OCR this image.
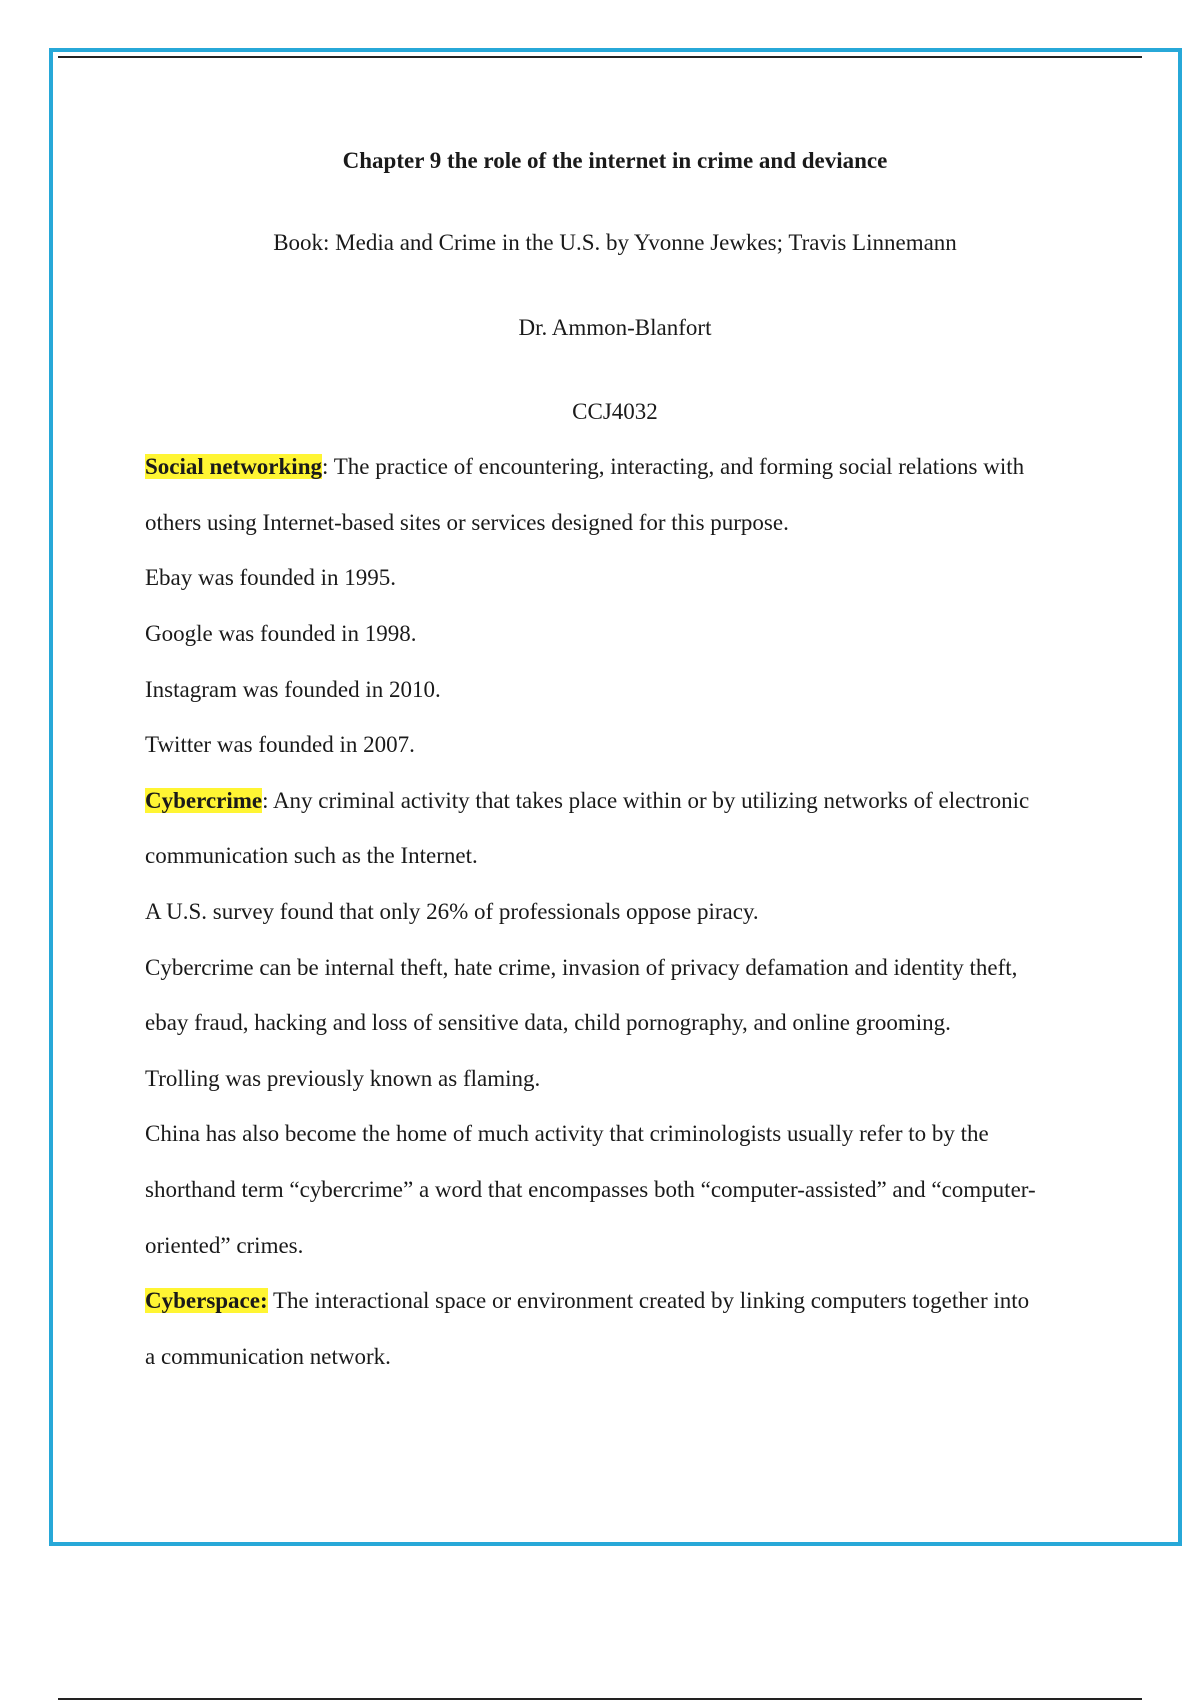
Chapter 9 the role of the internet in crime and deviance
Book: Media and Crime in the U.S. by Yvonne Jewkes; Travis Linnemann
Dr. Ammon-Blanfort
CCJ4032
Social networking: The practice of encountering, interacting, and forming social relations with
others using Internet-based sites or services designed for this purpose.
Ebay was founded in 1995.
Google was founded in 1998.
Instagram was founded in 2010.
Twitter was founded in 2007.
Cybercrime: Any criminal activity that takes place within or by utilizing networks of electronic
communication such as the Internet.
A U.S. survey found that only 26% of professionals oppose piracy.
Cybercrime can be internal theft, hate crime, invasion of privacy defamation and identity theft,
ebay fraud, hacking and loss of sensitive data, child pornography, and online grooming.
Trolling was previously known as flaming.
China has also become the home of much activity that criminologists usually refer to by the
shorthand term “cybercrime” a word that encompasses both “computer-assisted” and “computer-
oriented” crimes.
Cyberspace: The interactional space or environment created by linking computers together into
a communication network.
